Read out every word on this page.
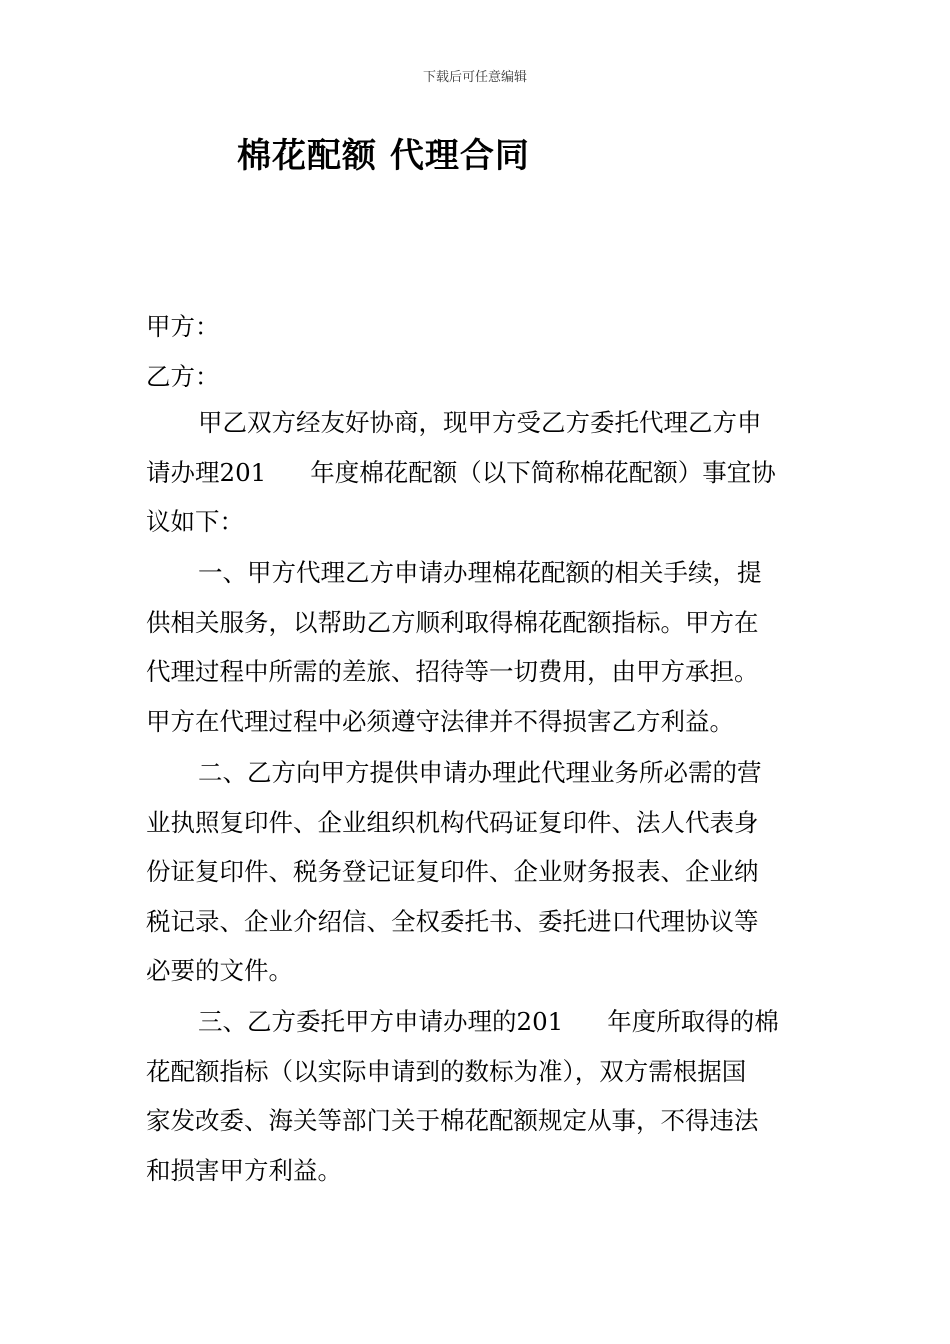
下载后可任意编辑
棉花配额 代理合同
甲方：
乙方：
甲乙双方经友好协商，现甲方受乙方委托代理乙方申
请办理201 年度棉花配额（以下简称棉花配额）事宜协
议如下：
一、甲方代理乙方申请办理棉花配额的相关手续，提
供相关服务，以帮助乙方顺利取得棉花配额指标。甲方在
代理过程中所需的差旅、招待等一切费用，由甲方承担。
甲方在代理过程中必须遵守法律并不得损害乙方利益。
二、乙方向甲方提供申请办理此代理业务所必需的营
业执照复印件、企业组织机构代码证复印件、法人代表身
份证复印件、税务登记证复印件、企业财务报表、企业纳
税记录、企业介绍信、全权委托书、委托进口代理协议等
必要的文件。
三、乙方委托甲方申请办理的201 年度所取得的棉
花配额指标（以实际申请到的数标为准），双方需根据国
家发改委、海关等部门关于棉花配额规定从事，不得违法
和损害甲方利益。
